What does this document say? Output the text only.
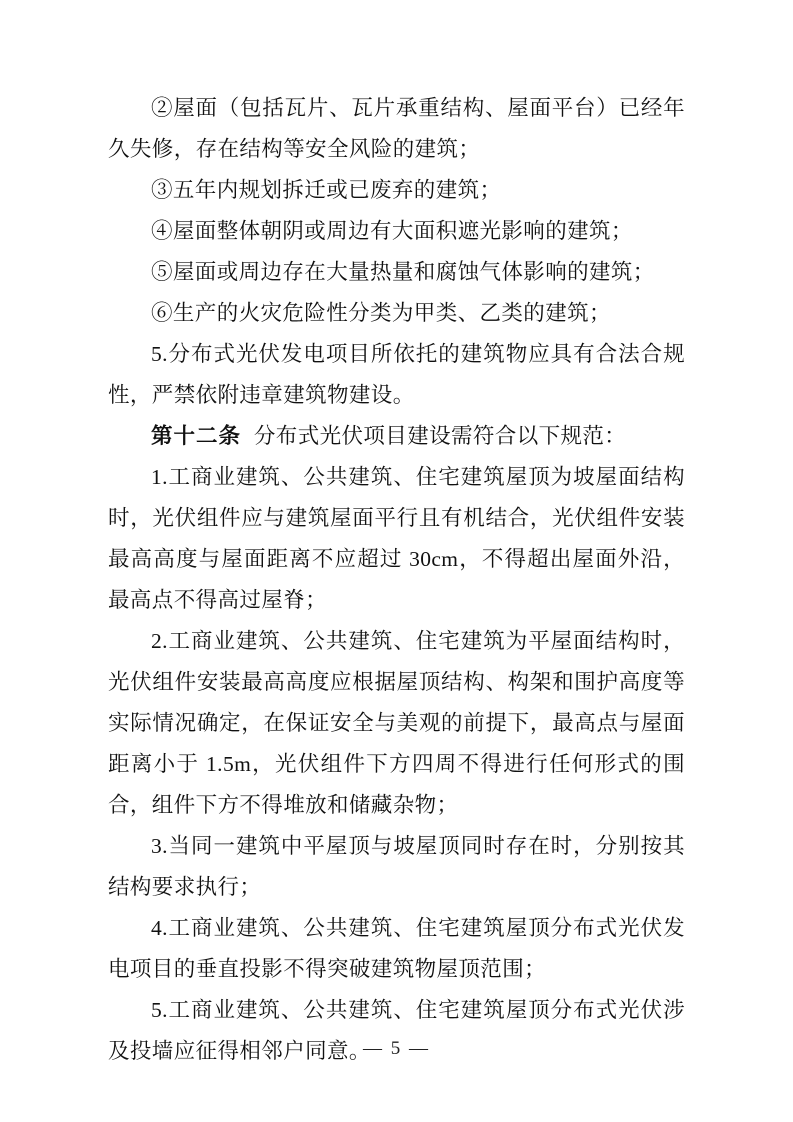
②屋面（包括瓦片、瓦片承重结构、屋面平台）已经年久失修，存在结构等安全风险的建筑；

③五年内规划拆迁或已废弃的建筑；

④屋面整体朝阴或周边有大面积遮光影响的建筑；

⑤屋面或周边存在大量热量和腐蚀气体影响的建筑；

⑥生产的火灾危险性分类为甲类、乙类的建筑；

5.分布式光伏发电项目所依托的建筑物应具有合法合规性，严禁依附违章建筑物建设。

第十二条 分布式光伏项目建设需符合以下规范：

1.工商业建筑、公共建筑、住宅建筑屋顶为坡屋面结构时，光伏组件应与建筑屋面平行且有机结合，光伏组件安装最高高度与屋面距离不应超过 30cm，不得超出屋面外沿，最高点不得高过屋脊；

2.工商业建筑、公共建筑、住宅建筑为平屋面结构时，光伏组件安装最高高度应根据屋顶结构、构架和围护高度等实际情况确定，在保证安全与美观的前提下，最高点与屋面距离小于 1.5m，光伏组件下方四周不得进行任何形式的围合，组件下方不得堆放和储藏杂物；

3.当同一建筑中平屋顶与坡屋顶同时存在时，分别按其结构要求执行；

4.工商业建筑、公共建筑、住宅建筑屋顶分布式光伏发电项目的垂直投影不得突破建筑物屋顶范围；

5.工商业建筑、公共建筑、住宅建筑屋顶分布式光伏涉及投墙应征得相邻户同意。

— 5 —
